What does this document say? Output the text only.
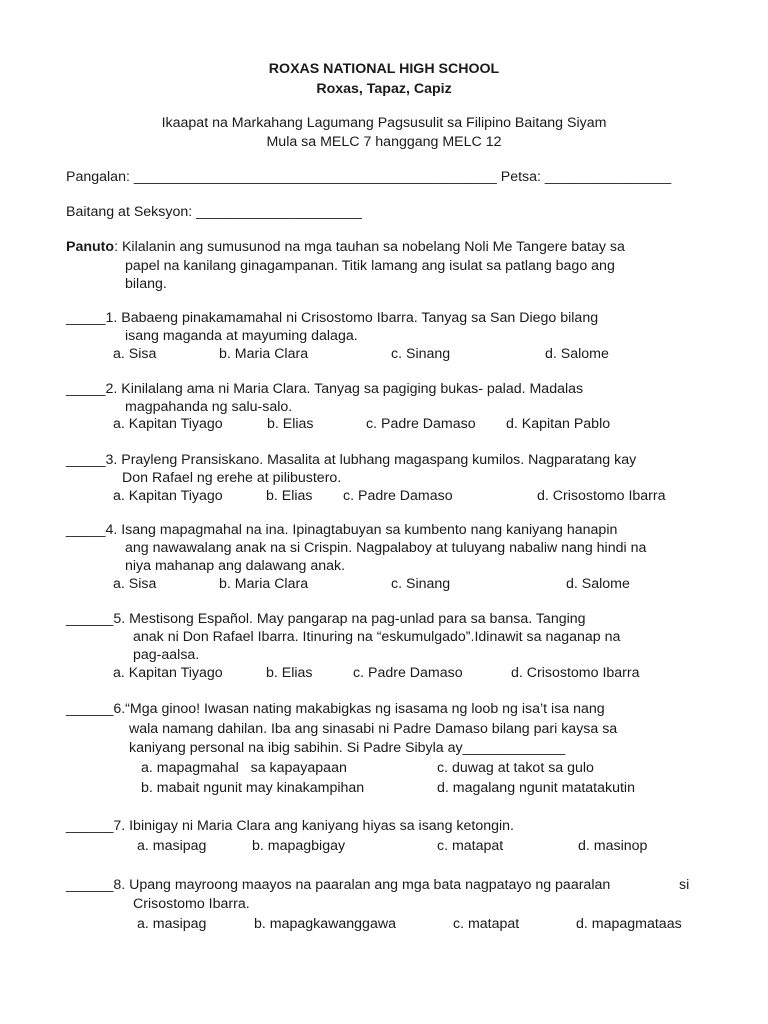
ROXAS NATIONAL HIGH SCHOOL
Roxas, Tapaz, Capiz
Ikaapat na Markahang Lagumang Pagsusulit sa Filipino Baitang Siyam
Mula sa MELC 7 hanggang MELC 12
Pangalan: ______________________________________________ Petsa: ________________
Baitang at Seksyon: _____________________
Panuto: Kilalanin ang sumusunod na mga tauhan sa nobelang Noli Me Tangere batay sa
papel na kanilang ginagampanan. Titik lamang ang isulat sa patlang bago ang
bilang.
_____1. Babaeng pinakamamahal ni Crisostomo Ibarra. Tanyag sa San Diego bilang
isang maganda at mayuming dalaga.
a. Sisa	b. Maria Clara	c. Sinang	d. Salome
_____2. Kinilalang ama ni Maria Clara. Tanyag sa pagiging bukas- palad. Madalas
magpahanda ng salu-salo.
a. Kapitan Tiyago	b. Elias	c. Padre Damaso d. Kapitan Pablo
_____3. Prayleng Pransiskano. Masalita at lubhang magaspang kumilos. Nagparatang kay
Don Rafael ng erehe at pilibustero.
a. Kapitan Tiyago	b. Elias c. Padre Damaso	d. Crisostomo Ibarra
_____4. Isang mapagmahal na ina. Ipinagtabuyan sa kumbento nang kaniyang hanapin
ang nawawalang anak na si Crispin. Nagpalaboy at tuluyang nabaliw nang hindi na
niya mahanap ang dalawang anak.
a. Sisa	b. Maria Clara	c. Sinang	d. Salome
______5. Mestisong Español. May pangarap na pag-unlad para sa bansa. Tanging
anak ni Don Rafael Ibarra. Itinuring na “eskumulgado”.Idinawit sa naganap na
pag-aalsa.
a. Kapitan Tiyago	b. Elias	c. Padre Damaso	d. Crisostomo Ibarra
______6.“Mga ginoo! Iwasan nating makabigkas ng isasama ng loob ng isa’t isa nang
wala namang dahilan. Iba ang sinasabi ni Padre Damaso bilang pari kaysa sa
kaniyang personal na ibig sabihin. Si Padre Sibyla ay_____________
a. mapagmahal   sa kapayapaan	c. duwag at takot sa gulo
b. mabait ngunit may kinakampihan	d. magalang ngunit matatakutin
______7. Ibinigay ni Maria Clara ang kaniyang hiyas sa isang ketongin.
a. masipag	b. mapagbigay	c. matapat	d. masinop
______8. Upang mayroong maayos na paaralan ang mga bata nagpatayo ng paaralan	si
Crisostomo Ibarra.
a. masipag	b. mapagkawanggawa	c. matapat	d. mapagmataas
